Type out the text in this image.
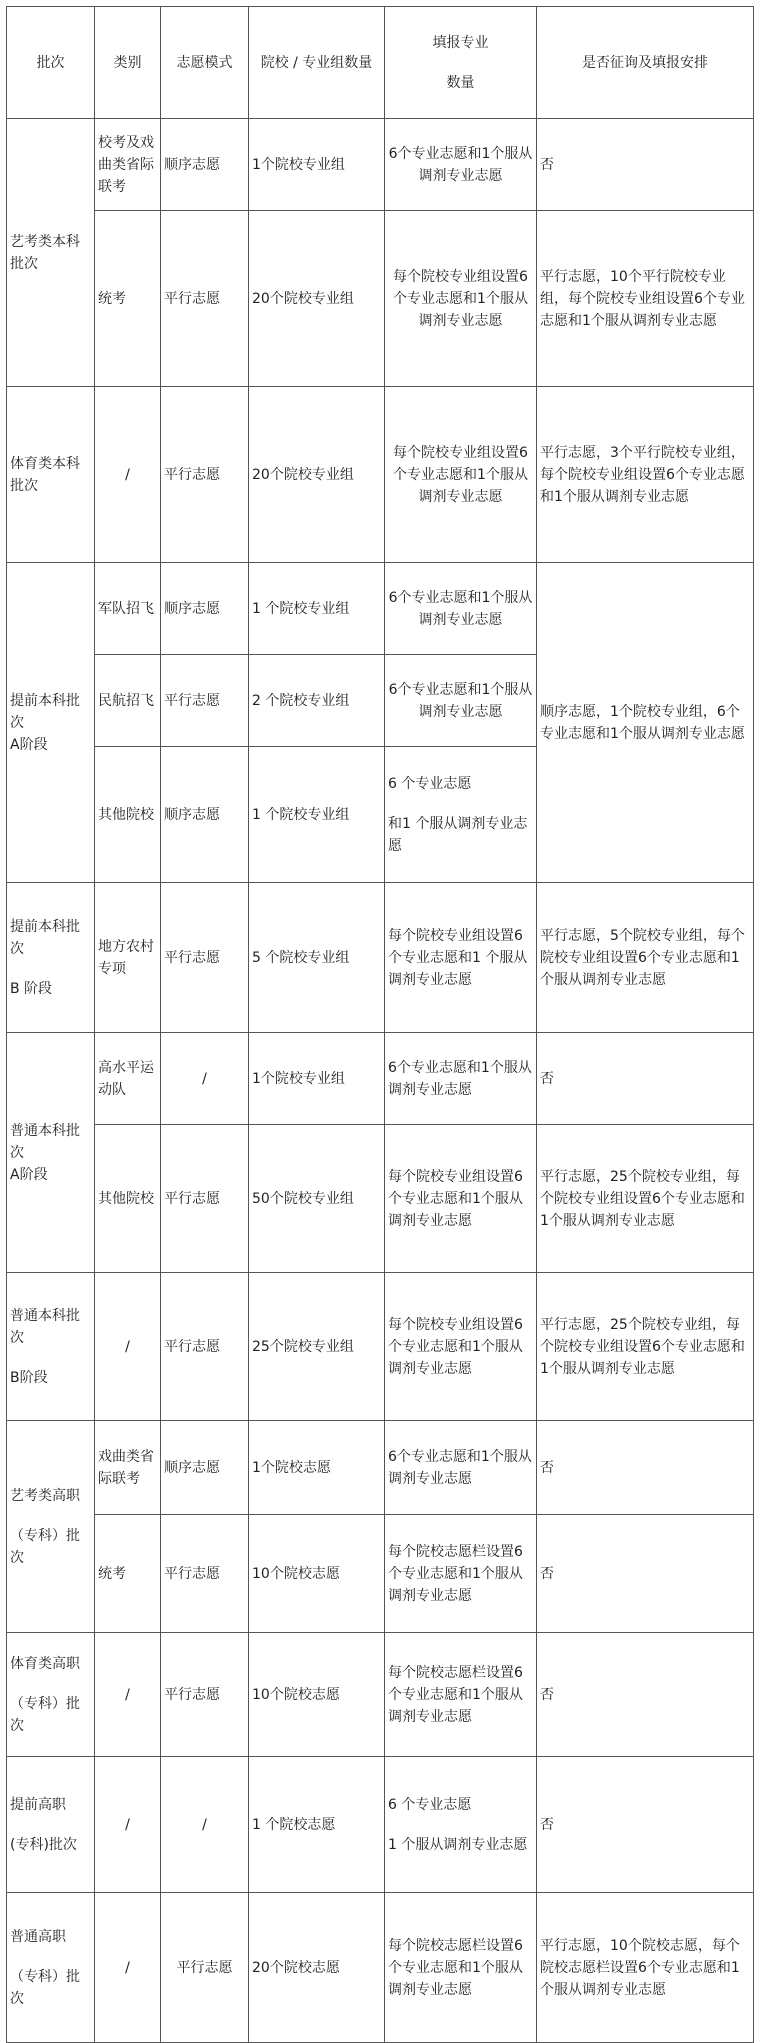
批次	类别	志愿模式	院校 / 专业组数量	填报专业
数量	是否征询及填报安排
艺考类本科批次	校考及戏曲类省际联考	顺序志愿	1个院校专业组	6个专业志愿和1个服从调剂专业志愿	否
	统考	平行志愿	20个院校专业组	每个院校专业组设置6个专业志愿和1个服从调剂专业志愿	平行志愿，10个平行院校专业组，每个院校专业组设置6个专业志愿和1个服从调剂专业志愿
体育类本科批次	/	平行志愿	20个院校专业组	每个院校专业组设置6个专业志愿和1个服从调剂专业志愿	平行志愿，3个平行院校专业组，每个院校专业组设置6个专业志愿和1个服从调剂专业志愿

提前本科批次
A阶段	军队招飞	顺序志愿	1 个院校专业组	6个专业志愿和1个服从调剂专业志愿	顺序志愿，1个院校专业组，6个专业志愿和1个服从调剂专业志愿
	民航招飞	平行志愿	2 个院校专业组	6个专业志愿和1个服从调剂专业志愿	
	其他院校	顺序志愿	1 个院校专业组	6 个专业志愿
和1 个服从调剂专业志愿	

提前本科批次
B 阶段	地方农村专项	平行志愿	5 个院校专业组	每个院校专业组设置6 个专业志愿和1 个服从调剂专业志愿	平行志愿，5个院校专业组，每个院校专业组设置6个专业志愿和1个服从调剂专业志愿

普通本科批次
A阶段	高水平运动队	/	1个院校专业组	6个专业志愿和1个服从调剂专业志愿	否
	其他院校	平行志愿	50个院校专业组	每个院校专业组设置6个专业志愿和1个服从调剂专业志愿	平行志愿，25个院校专业组，每个院校专业组设置6个专业志愿和1个服从调剂专业志愿

普通本科批次
B阶段	/	平行志愿	25个院校专业组	每个院校专业组设置6个专业志愿和1个服从调剂专业志愿	平行志愿，25个院校专业组，每个院校专业组设置6个专业志愿和1个服从调剂专业志愿

艺考类高职
（专科）批次	戏曲类省际联考	顺序志愿	1个院校志愿	6个专业志愿和1个服从调剂专业志愿	否
	统考	平行志愿	10个院校志愿	每个院校志愿栏设置6个专业志愿和1个服从调剂专业志愿	否

体育类高职
（专科）批次	/	平行志愿	10个院校志愿	每个院校志愿栏设置6个专业志愿和1个服从调剂专业志愿	否

提前高职
(专科)批次	/	/	1 个院校志愿	6 个专业志愿
1 个服从调剂专业志愿	否

普通高职
（专科）批次	/	平行志愿	20个院校志愿	每个院校志愿栏设置6个专业志愿和1个服从调剂专业志愿	平行志愿，10个院校志愿，每个院校志愿栏设置6个专业志愿和1个服从调剂专业志愿
